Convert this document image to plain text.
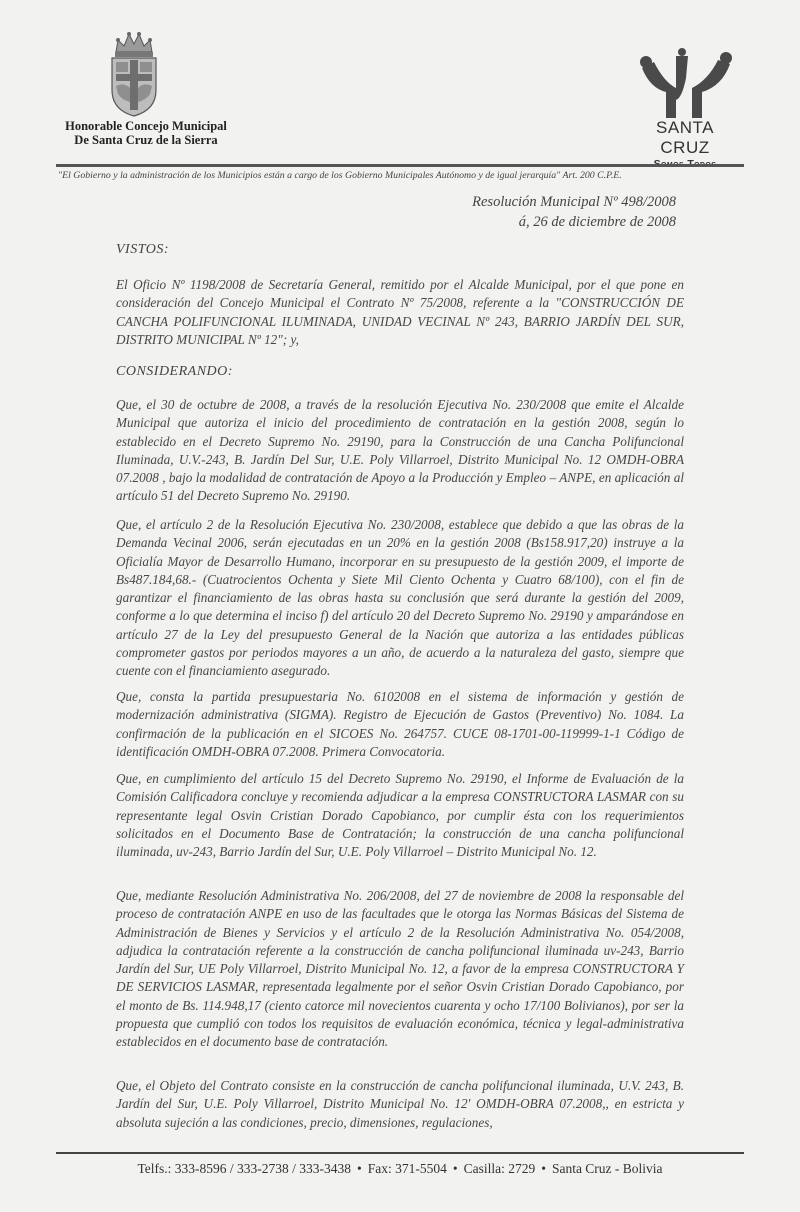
Honorable Concejo Municipal
De Santa Cruz de la Sierra
SANTA CRUZ
"El Gobierno y la administración de los Municipios están a cargo de los Gobierno Municipales Autónomo y de igual jerarquía" Art. 200 C.P.E.
Resolución Municipal Nº 498/2008
á, 26 de diciembre de 2008
VISTOS:
El Oficio Nº 1198/2008 de Secretaría General, remitido por el Alcalde Municipal, por el que pone en consideración del Concejo Municipal el Contrato Nº 75/2008, referente a la "CONSTRUCCIÓN DE CANCHA POLIFUNCIONAL ILUMINADA, UNIDAD VECINAL Nº 243, BARRIO JARDÍN DEL SUR, DISTRITO MUNICIPAL Nº 12"; y,
CONSIDERANDO:
Que, el 30 de octubre de 2008, a través de la resolución Ejecutiva No. 230/2008 que emite el Alcalde Municipal que autoriza el inicio del procedimiento de contratación en la gestión 2008, según lo establecido en el Decreto Supremo No. 29190, para la Construcción de una Cancha Polifuncional Iluminada, U.V.-243, B. Jardín Del Sur, U.E. Poly Villarroel, Distrito Municipal No. 12 OMDH-OBRA 07.2008 , bajo la modalidad de contratación de Apoyo a la Producción y Empleo – ANPE, en aplicación al artículo 51 del Decreto Supremo No. 29190.
Que, el artículo 2 de la Resolución Ejecutiva No. 230/2008, establece que debido a que las obras de la Demanda Vecinal 2006, serán ejecutadas en un 20% en la gestión 2008 (Bs158.917,20) instruye a la Oficialía Mayor de Desarrollo Humano, incorporar en su presupuesto de la gestión 2009, el importe de Bs487.184,68.- (Cuatrocientos Ochenta y Siete Mil Ciento Ochenta y Cuatro 68/100), con el fin de garantizar el financiamiento de las obras hasta su conclusión que será durante la gestión del 2009, conforme a lo que determina el inciso f) del artículo 20 del Decreto Supremo No. 29190 y amparándose en artículo 27 de la Ley del presupuesto General de la Nación que autoriza a las entidades públicas comprometer gastos por periodos mayores a un año, de acuerdo a la naturaleza del gasto, siempre que cuente con el financiamiento asegurado.
Que, consta la partida presupuestaria No. 6102008 en el sistema de información y gestión de modernización administrativa (SIGMA). Registro de Ejecución de Gastos (Preventivo) No. 1084. La confirmación de la publicación en el SICOES No. 264757. CUCE 08-1701-00-119999-1-1 Código de identificación OMDH-OBRA 07.2008. Primera Convocatoria.
Que, en cumplimiento del artículo 15 del Decreto Supremo No. 29190, el Informe de Evaluación de la Comisión Calificadora concluye y recomienda adjudicar a la empresa CONSTRUCTORA LASMAR con su representante legal Osvin Cristian Dorado Capobianco, por cumplir ésta con los requerimientos solicitados en el Documento Base de Contratación; la construcción de una cancha polifuncional iluminada, uv-243, Barrio Jardín del Sur, U.E. Poly Villarroel – Distrito Municipal No. 12.
Que, mediante Resolución Administrativa No. 206/2008, del 27 de noviembre de 2008 la responsable del proceso de contratación ANPE en uso de las facultades que le otorga las Normas Básicas del Sistema de Administración de Bienes y Servicios y el artículo 2 de la Resolución Administrativa No. 054/2008, adjudica la contratación referente a la construcción de cancha polifuncional iluminada uv-243, Barrio Jardín del Sur, UE Poly Villarroel, Distrito Municipal No. 12, a favor de la empresa CONSTRUCTORA Y DE SERVICIOS LASMAR, representada legalmente por el señor Osvin Cristian Dorado Capobianco, por el monto de Bs. 114.948,17 (ciento catorce mil novecientos cuarenta y ocho 17/100 Bolivianos), por ser la propuesta que cumplió con todos los requisitos de evaluación económica, técnica y legal-administrativa establecidos en el documento base de contratación.
Que, el Objeto del Contrato consiste en la construcción de cancha polifuncional iluminada, U.V. 243, B. Jardín del Sur, U.E. Poly Villarroel, Distrito Municipal No. 12' OMDH-OBRA 07.2008,, en estricta y absoluta sujeción a las condiciones, precio, dimensiones, regulaciones,
Telfs.: 333-8596 / 333-2738 / 333-3438 • Fax: 371-5504 • Casilla: 2729 • Santa Cruz - Bolivia
